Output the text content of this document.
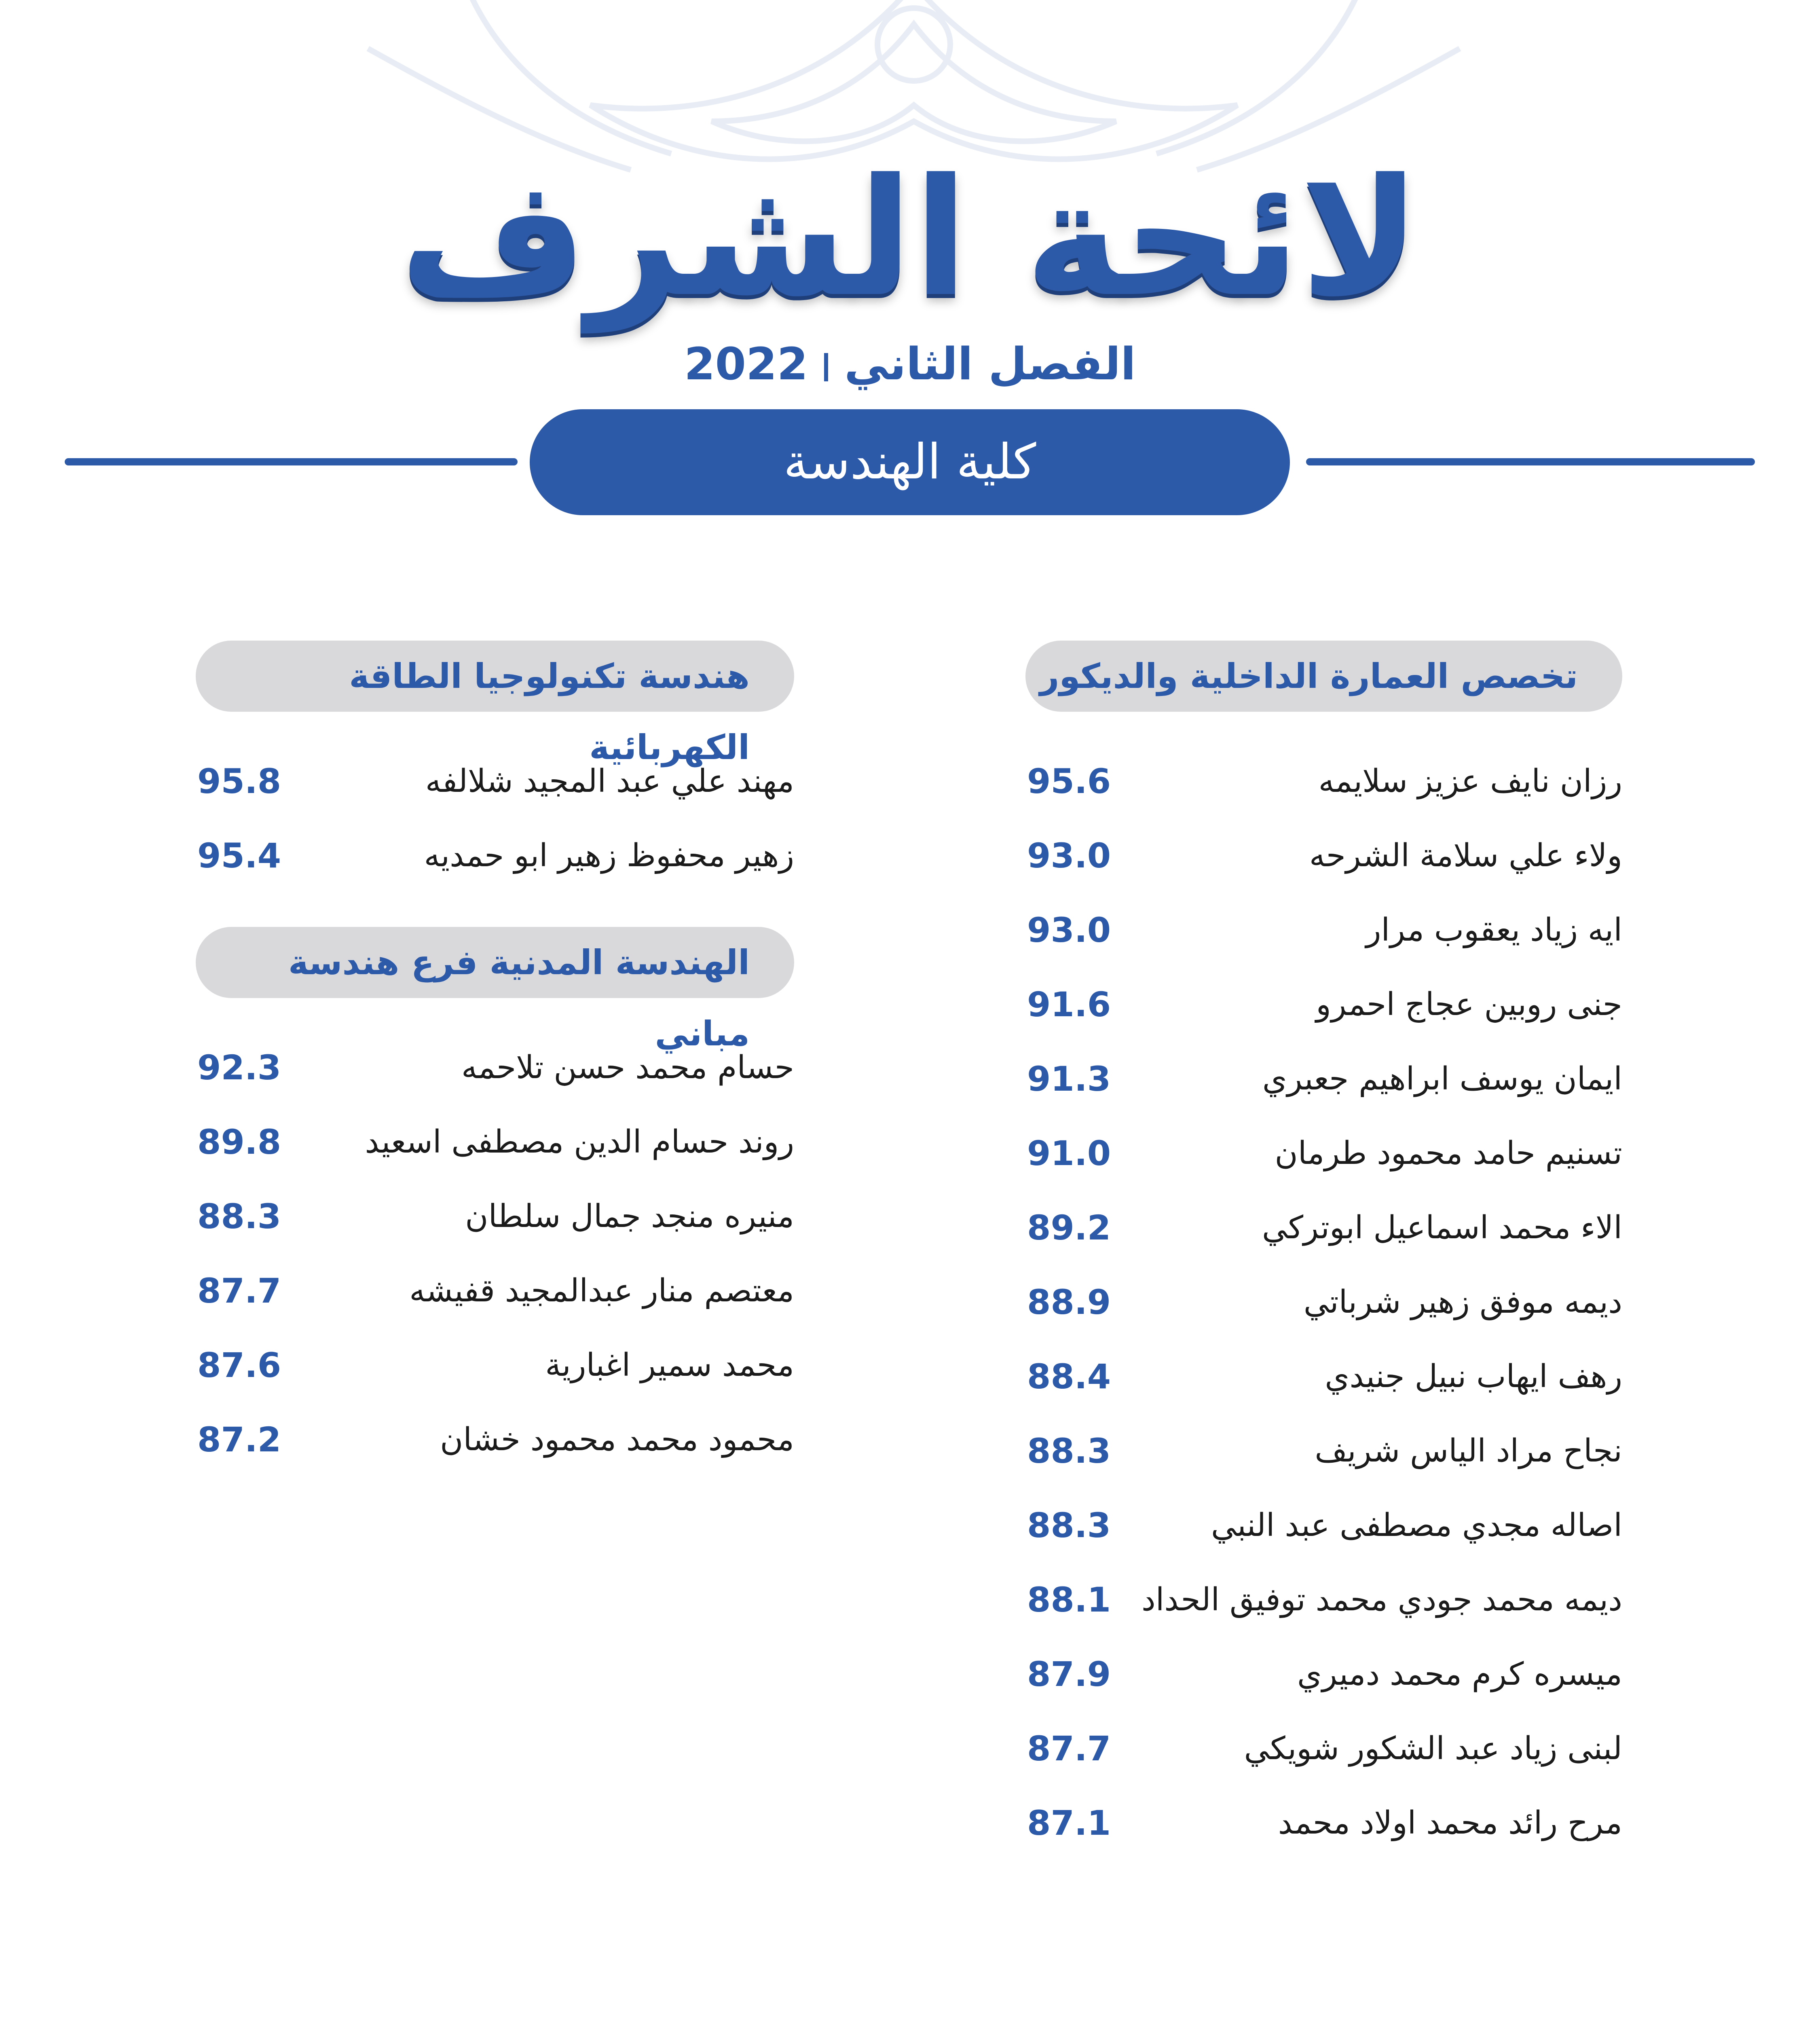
لائحة الشرف
الفصل الثاني2022
كلية الهندسة
تخصص العمارة الداخلية والديكور
رزان نايف عزيز سلايمه
95.6
ولاء علي سلامة الشرحه
93.0
ايه زياد يعقوب مرار
93.0
جنى روبين عجاج احمرو
91.6
ايمان يوسف ابراهيم جعبري
91.3
تسنيم حامد محمود طرمان
91.0
الاء محمد اسماعيل ابوتركي
89.2
ديمه موفق زهير شرباتي
88.9
رهف ايهاب نبيل جنيدي
88.4
نجاح مراد الياس شريف
88.3
اصاله مجدي مصطفى عبد النبي
88.3
ديمه محمد جودي محمد توفيق الحداد
88.1
ميسره كرم محمد دميري
87.9
لبنى زياد عبد الشكور شويكي
87.7
مرح رائد محمد اولاد محمد
87.1
هندسة تكنولوجيا الطاقة الكهربائية
مهند علي عبد المجيد شلالفه
95.8
زهير محفوظ زهير ابو حمديه
95.4
الهندسة المدنية فرع هندسة مباني
حسام محمد حسن تلاحمه
92.3
روند حسام الدين مصطفى اسعيد
89.8
منيره منجد جمال سلطان
88.3
معتصم منار عبدالمجيد قفيشه
87.7
محمد سمير اغبارية
87.6
محمود محمد محمود خشان
87.2
